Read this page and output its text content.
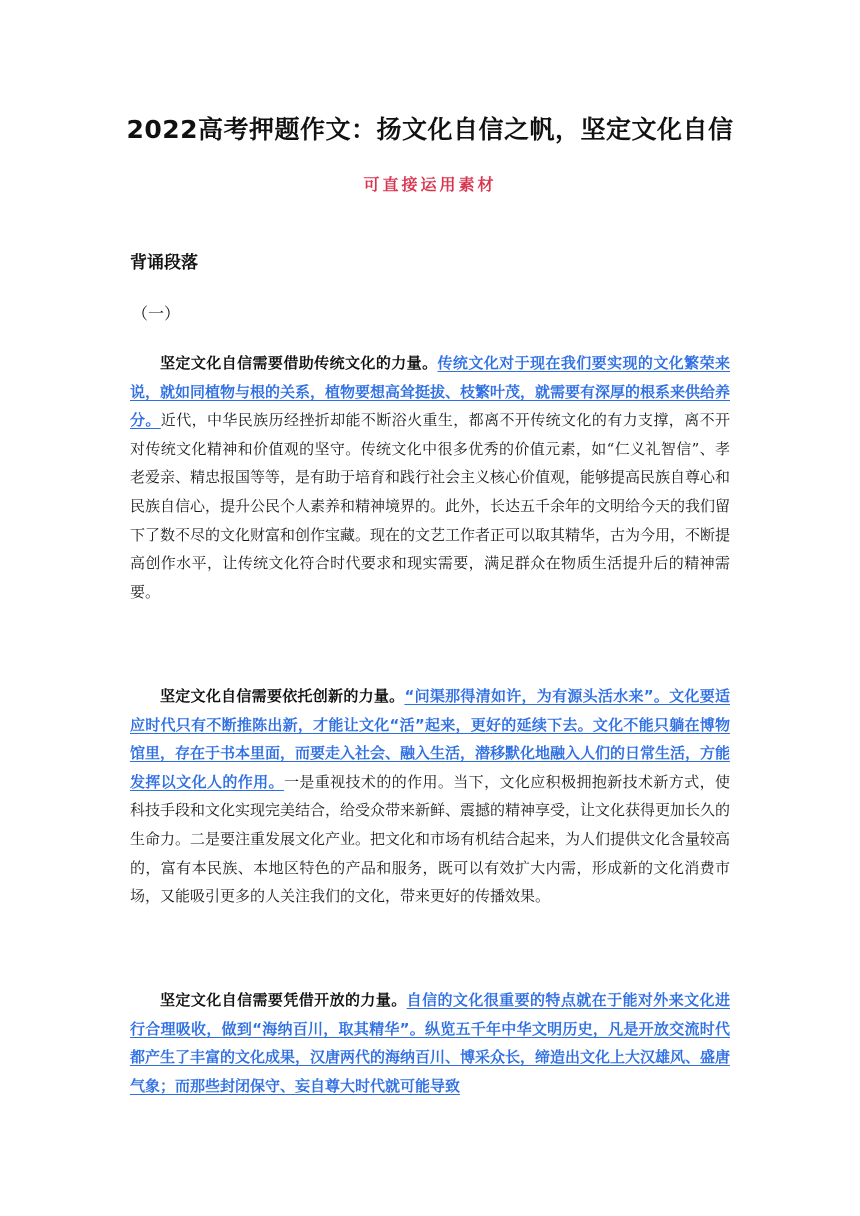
2022高考押题作文：扬文化自信之帆，坚定文化自信
可直接运用素材
背诵段落
（一）

坚定文化自信需要借助传统文化的力量。传统文化对于现在我们要实现的文化繁荣来说，就如同植物与根的关系，植物要想高耸挺拔、枝繁叶茂，就需要有深厚的根系来供给养分。近代，中华民族历经挫折却能不断浴火重生，都离不开传统文化的有力支撑，离不开对传统文化精神和价值观的坚守。传统文化中很多优秀的价值元素，如“仁义礼智信”、孝老爱亲、精忠报国等等，是有助于培育和践行社会主义核心价值观，能够提高民族自尊心和民族自信心，提升公民个人素养和精神境界的。此外，长达五千余年的文明给今天的我们留下了数不尽的文化财富和创作宝藏。现在的文艺工作者正可以取其精华，古为今用，不断提高创作水平，让传统文化符合时代要求和现实需要，满足群众在物质生活提升后的精神需要。

坚定文化自信需要依托创新的力量。“问渠那得清如许，为有源头活水来”。文化要适应时代只有不断推陈出新，才能让文化“活”起来，更好的延续下去。文化不能只躺在博物馆里，存在于书本里面，而要走入社会、融入生活，潜移默化地融入人们的日常生活，方能发挥以文化人的作用。一是重视技术的的作用。当下，文化应积极拥抱新技术新方式，使科技手段和文化实现完美结合，给受众带来新鲜、震撼的精神享受，让文化获得更加长久的生命力。二是要注重发展文化产业。把文化和市场有机结合起来，为人们提供文化含量较高的，富有本民族、本地区特色的产品和服务，既可以有效扩大内需，形成新的文化消费市场，又能吸引更多的人关注我们的文化，带来更好的传播效果。

坚定文化自信需要凭借开放的力量。自信的文化很重要的特点就在于能对外来文化进行合理吸收，做到“海纳百川，取其精华”。纵览五千年中华文明历史，凡是开放交流时代都产生了丰富的文化成果，汉唐两代的海纳百川、博采众长，缔造出文化上大汉雄风、盛唐气象；而那些封闭保守、妄自尊大时代就可能导致
